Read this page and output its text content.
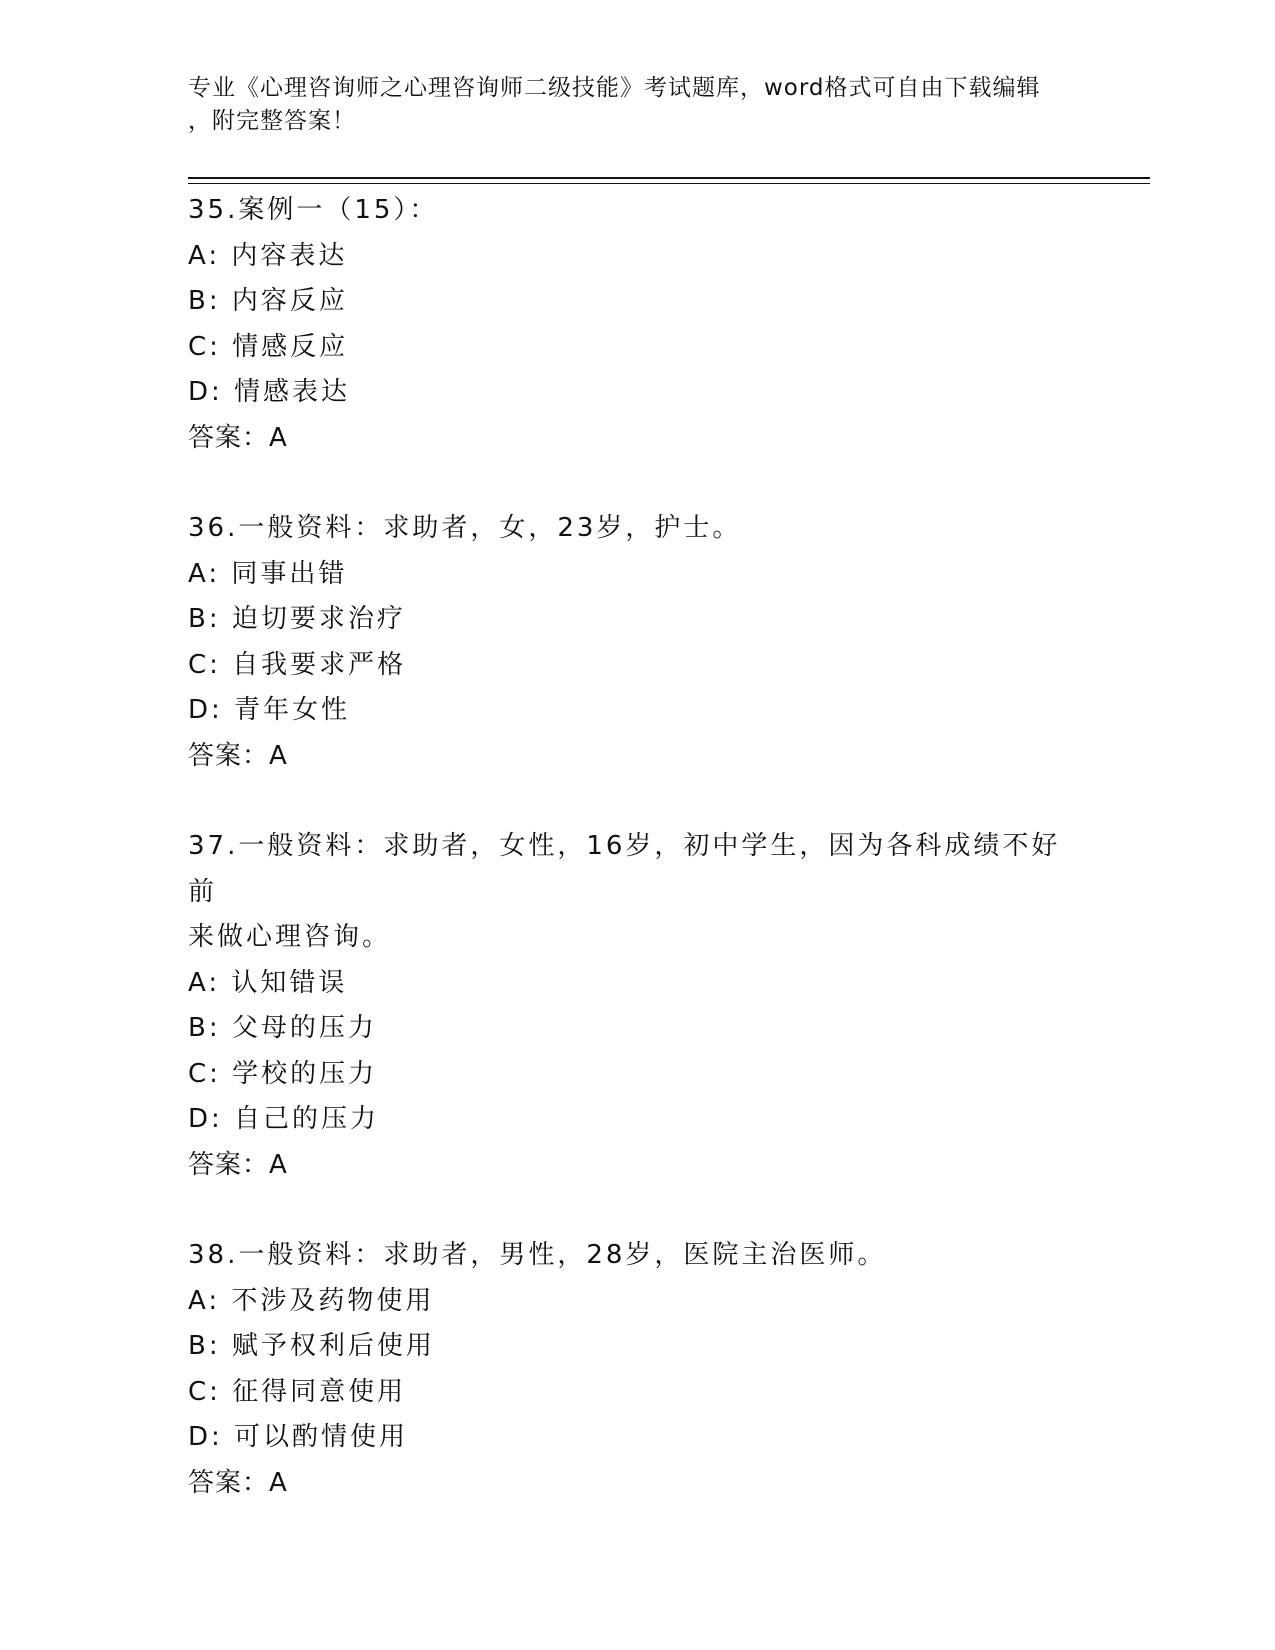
专业《心理咨询师之心理咨询师二级技能》考试题库，word格式可自由下载编辑
，附完整答案！
35.案例一（15）：
A: 内容表达
B: 内容反应
C: 情感反应
D: 情感表达
答案：A
36.一般资料：求助者，女，23岁，护士。
A: 同事出错
B: 迫切要求治疗
C: 自我要求严格
D: 青年女性
答案：A
37.一般资料：求助者，女性，16岁，初中学生，因为各科成绩不好前
来做心理咨询。
A: 认知错误
B: 父母的压力
C: 学校的压力
D: 自己的压力
答案：A
38.一般资料：求助者，男性，28岁，医院主治医师。
A: 不涉及药物使用
B: 赋予权利后使用
C: 征得同意使用
D: 可以酌情使用
答案：A
